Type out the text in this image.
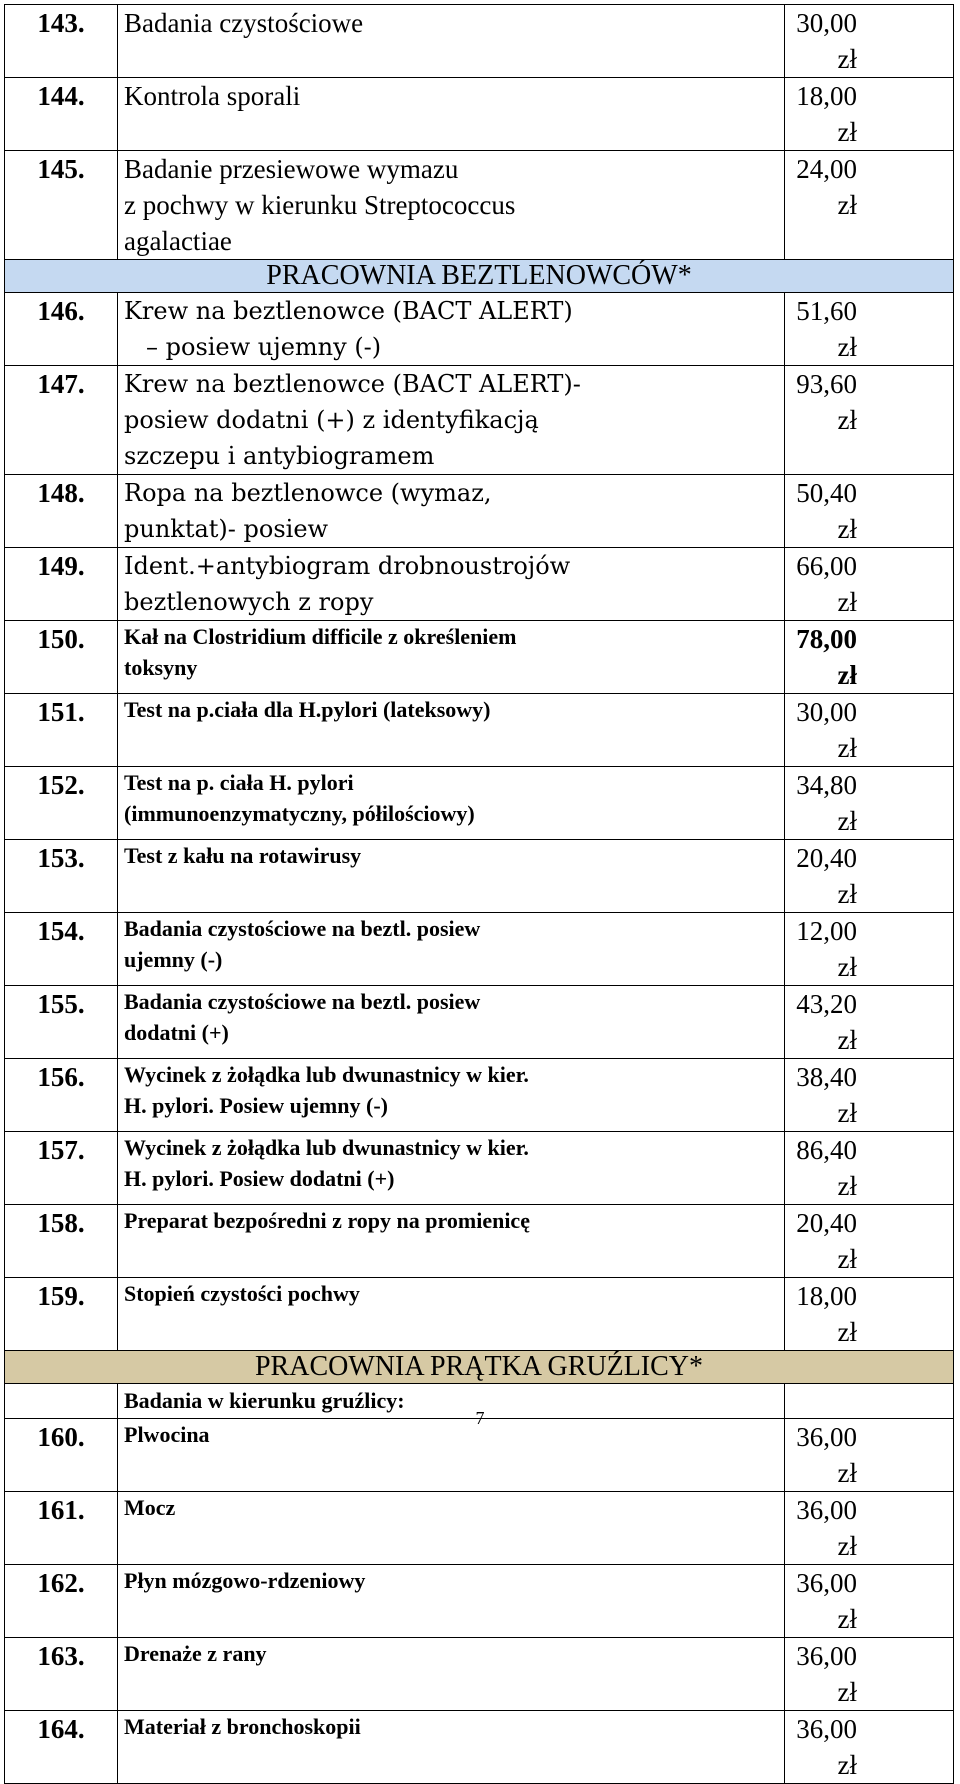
143.	Badania czystościowe	30,00 zł
144.	Kontrola sporali	18,00 zł
145.	Badanie przesiewowe wymazu
z pochwy w kierunku Streptococcus
agalactiae	24,00 zł
PRACOWNIA BEZTLENOWCÓW*		
146.	Krew na beztlenowce (BACT ALERT)
– posiew ujemny (-)	51,60 zł
147.	Krew na beztlenowce (BACT ALERT)-
posiew dodatni (+) z identyfikacją
szczepu i antybiogramem	93,60 zł
148.	Ropa na beztlenowce (wymaz,
punktat)- posiew	50,40 zł
149.	Ident.+antybiogram drobnoustrojów
beztlenowych z ropy	66,00 zł
150.	Kał na Clostridium difficile z określeniem
toksyny	78,00 zł
151.	Test na p.ciała dla H.pylori (lateksowy)	30,00 zł
152.	Test na p. ciała H. pylori
(immunoenzymatyczny, półilościowy)	34,80 zł
153.	Test z kału na rotawirusy	20,40 zł
154.	Badania czystościowe na beztl. posiew
ujemny (-)	12,00 zł
155.	Badania czystościowe na beztl. posiew
dodatni (+)	43,20 zł
156.	Wycinek z żołądka lub dwunastnicy w kier.
H. pylori. Posiew ujemny (-)	38,40 zł
157.	Wycinek z żołądka lub dwunastnicy w kier.
H. pylori. Posiew dodatni (+)	86,40 zł
158.	Preparat bezpośredni z ropy na promienicę	20,40 zł
159.	Stopień czystości pochwy	18,00 zł
PRACOWNIA PRĄTKA GRUŹLICY*		
	Badania w kierunku gruźlicy:	
160.	Plwocina	36,00 zł
161.	Mocz	36,00 zł
162.	Płyn mózgowo-rdzeniowy	36,00 zł
163.	Drenaże z rany	36,00 zł
164.	Materiał z bronchoskopii	36,00 zł
7
